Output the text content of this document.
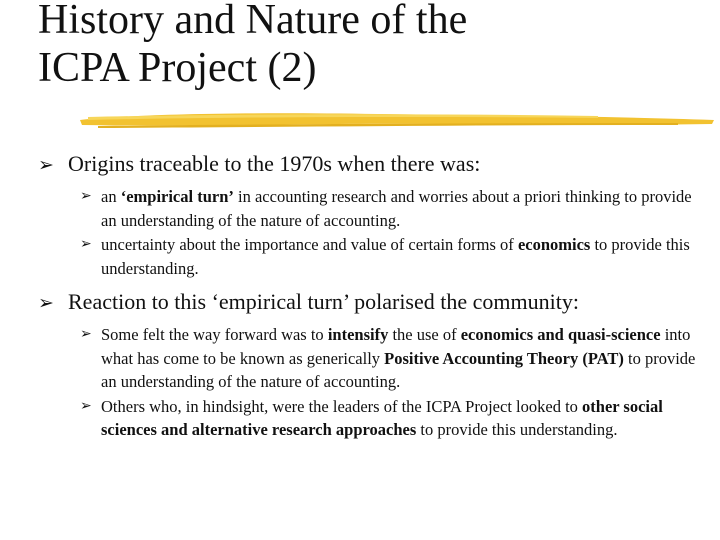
History and Nature of the
ICPA Project (2)

➢ Origins traceable to the 1970s when there was:

➢ an ‘empirical turn’ in accounting research and worries about a priori thinking to provide an understanding of the nature of accounting.
➢ uncertainty about the importance and value of certain forms of economics to provide this understanding.

➢ Reaction to this ‘empirical turn’ polarised the community:

➢ Some felt the way forward was to intensify the use of economics and quasi-science into what has come to be known as generically Positive Accounting Theory (PAT) to provide an understanding of the nature of accounting.
➢ Others who, in hindsight, were the leaders of the ICPA Project looked to other social sciences and alternative research approaches to provide this understanding.
